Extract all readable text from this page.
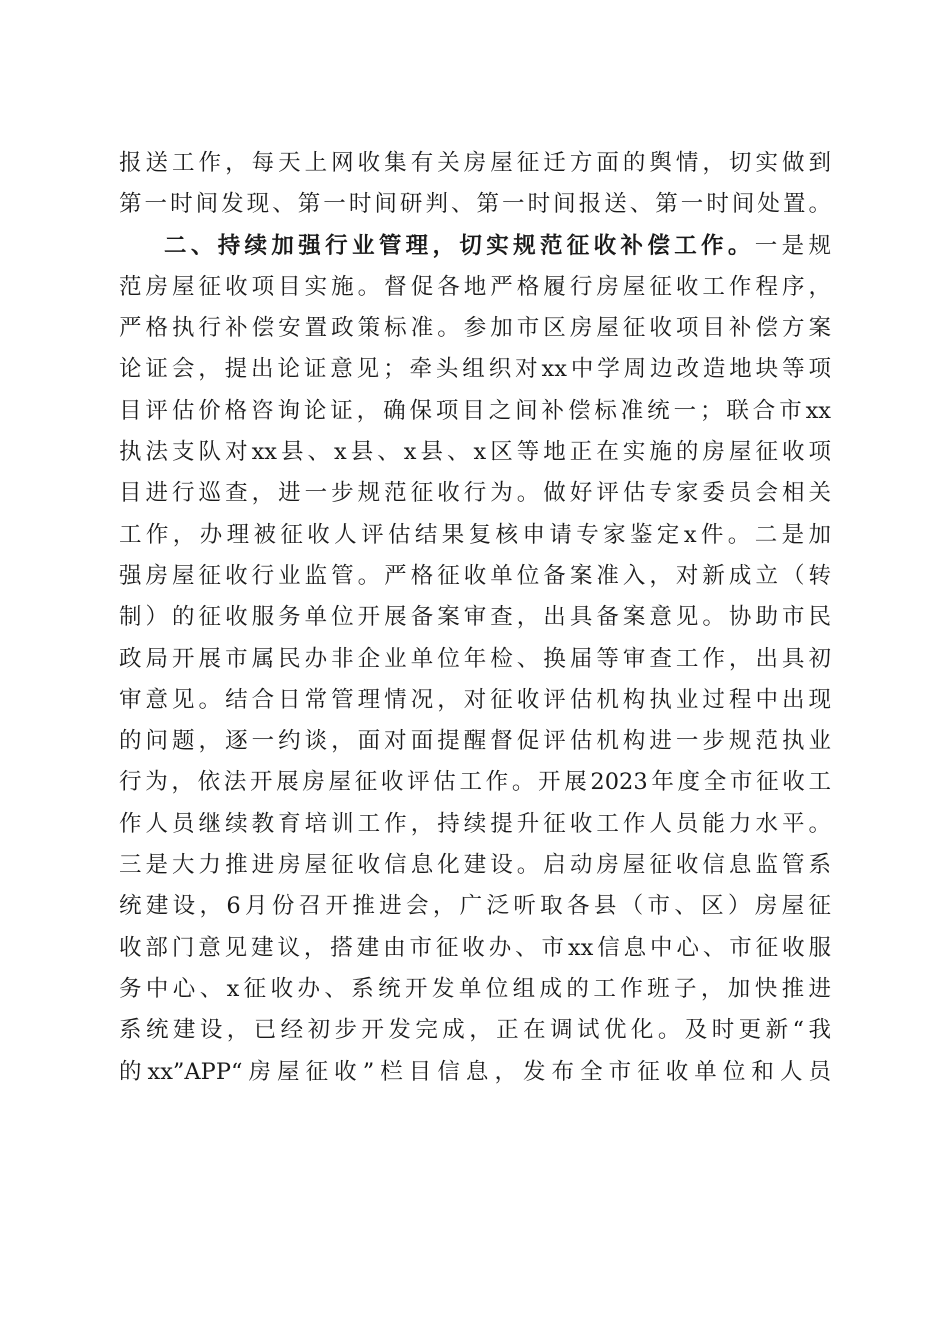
报送工作，每天上网收集有关房屋征迁方面的舆情，切实做到
第一时间发现、第一时间研判、第一时间报送、第一时间处置。
二、持续加强行业管理，切实规范征收补偿工作。一是规
范房屋征收项目实施。督促各地严格履行房屋征收工作程序，
严格执行补偿安置政策标准。参加市区房屋征收项目补偿方案
论证会，提出论证意见；牵头组织对xx中学周边改造地块等项
目评估价格咨询论证，确保项目之间补偿标准统一；联合市xx
执法支队对xx县、x县、x县、x区等地正在实施的房屋征收项
目进行巡查，进一步规范征收行为。做好评估专家委员会相关
工作，办理被征收人评估结果复核申请专家鉴定x件。二是加
强房屋征收行业监管。严格征收单位备案准入，对新成立（转
制）的征收服务单位开展备案审查，出具备案意见。协助市民
政局开展市属民办非企业单位年检、换届等审查工作，出具初
审意见。结合日常管理情况，对征收评估机构执业过程中出现
的问题，逐一约谈，面对面提醒督促评估机构进一步规范执业
行为，依法开展房屋征收评估工作。开展2023年度全市征收工
作人员继续教育培训工作，持续提升征收工作人员能力水平。
三是大力推进房屋征收信息化建设。启动房屋征收信息监管系
统建设，6月份召开推进会，广泛听取各县（市、区）房屋征
收部门意见建议，搭建由市征收办、市xx信息中心、市征收服
务中心、x征收办、系统开发单位组成的工作班子，加快推进
系统建设，已经初步开发完成，正在调试优化。及时更新“我
的xx”APP“房屋征收”栏目信息，发布全市征收单位和人员
